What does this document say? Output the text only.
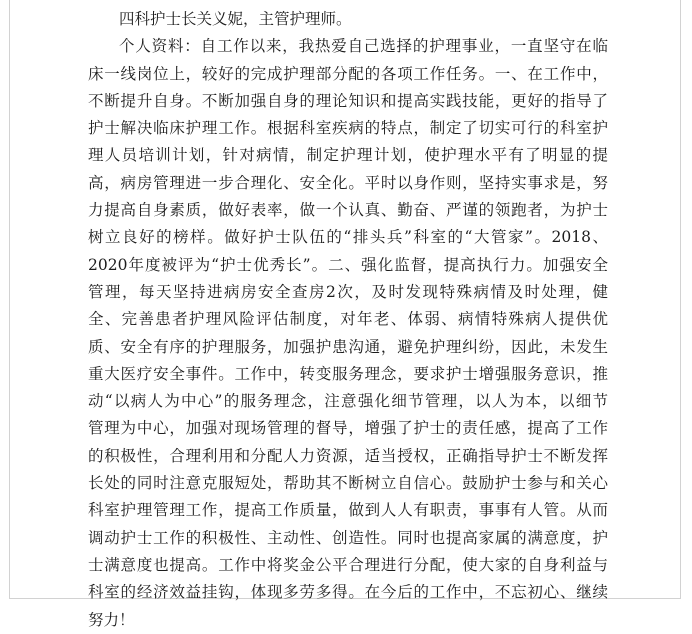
四科护士长关义妮，主管护理师。
个人资料：自工作以来，我热爱自己选择的护理事业，一直坚守在临
床一线岗位上，较好的完成护理部分配的各项工作任务。一、在工作中，
不断提升自身。不断加强自身的理论知识和提高实践技能，更好的指导了
护士解决临床护理工作。根据科室疾病的特点，制定了切实可行的科室护
理人员培训计划，针对病情，制定护理计划，使护理水平有了明显的提
高，病房管理进一步合理化、安全化。平时以身作则，坚持实事求是，努
力提高自身素质，做好表率，做一个认真、勤奋、严谨的领跑者，为护士
树立良好的榜样。做好护士队伍的“排头兵”科室的“大管家”。2018、
2020年度被评为“护士优秀长”。二、强化监督，提高执行力。加强安全
管理，每天坚持进病房安全查房2次，及时发现特殊病情及时处理，健
全、完善患者护理风险评估制度，对年老、体弱、病情特殊病人提供优
质、安全有序的护理服务，加强护患沟通，避免护理纠纷，因此，未发生
重大医疗安全事件。工作中，转变服务理念，要求护士增强服务意识，推
动“以病人为中心”的服务理念，注意强化细节管理，以人为本，以细节
管理为中心，加强对现场管理的督导，增强了护士的责任感，提高了工作
的积极性，合理利用和分配人力资源，适当授权，正确指导护士不断发挥
长处的同时注意克服短处，帮助其不断树立自信心。鼓励护士参与和关心
科室护理管理工作，提高工作质量，做到人人有职责，事事有人管。从而
调动护士工作的积极性、主动性、创造性。同时也提高家属的满意度，护
士满意度也提高。工作中将奖金公平合理进行分配，使大家的自身利益与
科室的经济效益挂钩，体现多劳多得。在今后的工作中，不忘初心、继续
努力！
